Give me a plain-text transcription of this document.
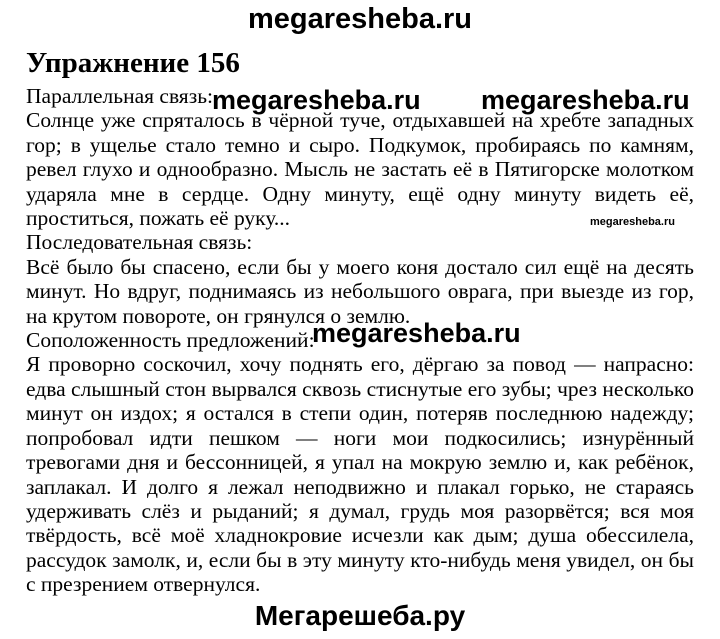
megaresheba.ru
Упражнение 156
Параллельная связь:

Солнце уже спряталось в чёрной туче, отдыхавшей на хребте западных гор; в ущелье стало темно и сыро. Подкумок, пробираясь по камням, ревел глухо и однообразно. Мысль не застать её в Пятигорске молотком ударяла мне в сердце. Одну минуту, ещё одну минуту видеть её, проститься, пожать её руку...

Последовательная связь:

Всё было бы спасено, если бы у моего коня достало сил ещё на десять минут. Но вдруг, поднимаясь из небольшого оврага, при выезде из гор, на крутом повороте, он грянулся о землю.

Соположенность предложений:

Я проворно соскочил, хочу поднять его, дёргаю за повод — напрасно: едва слышный стон вырвался сквозь стиснутые его зубы; чрез несколько минут он издох; я остался в степи один, потеряв последнюю надежду; попробовал идти пешком — ноги мои подкосились; изнурённый тревогами дня и бессонницей, я упал на мокрую землю и, как ребёнок, заплакал. И долго я лежал неподвижно и плакал горько, не стараясь удерживать слёз и рыданий; я думал, грудь моя разорвётся; вся моя твёрдость, всё моё хладнокровие исчезли как дым; душа обессилела, рассудок замолк, и, если бы в эту минуту кто-нибудь меня увидел, он бы с презрением отвернулся.

megaresheba.ru megaresheba.ru
megaresheba.ru
megaresheba.ru
Мегарешеба.ру
